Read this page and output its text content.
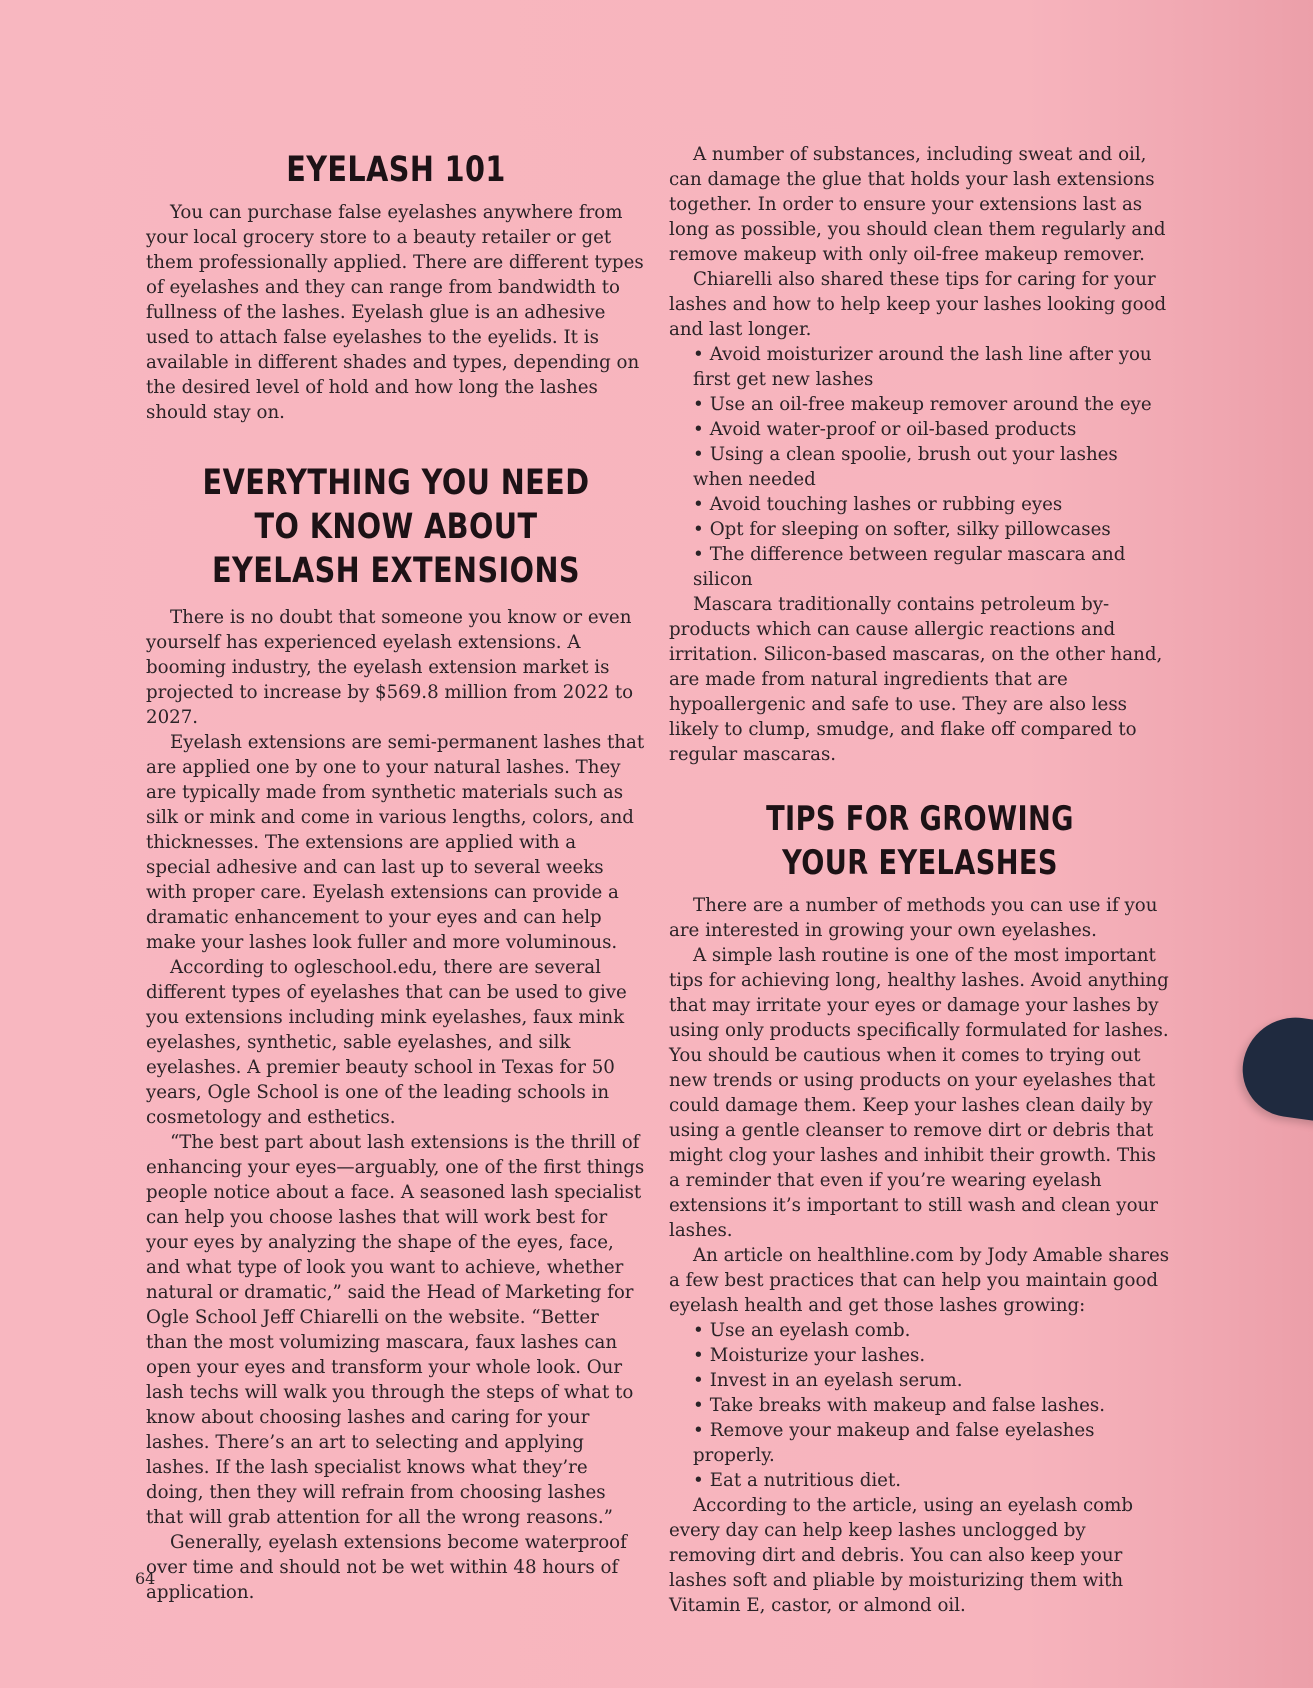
EYELASH 101

You can purchase false eyelashes anywhere from your local grocery store to a beauty retailer or get them professionally applied. There are different types of eyelashes and they can range from bandwidth to fullness of the lashes. Eyelash glue is an adhesive used to attach false eyelashes to the eyelids. It is available in different shades and types, depending on the desired level of hold and how long the lashes should stay on.

EVERYTHING YOU NEED TO KNOW ABOUT EYELASH EXTENSIONS

There is no doubt that someone you know or even yourself has experienced eyelash extensions. A booming industry, the eyelash extension market is projected to increase by $569.8 million from 2022 to 2027.

Eyelash extensions are semi-permanent lashes that are applied one by one to your natural lashes. They are typically made from synthetic materials such as silk or mink and come in various lengths, colors, and thicknesses. The extensions are applied with a special adhesive and can last up to several weeks with proper care. Eyelash extensions can provide a dramatic enhancement to your eyes and can help make your lashes look fuller and more voluminous.

According to ogleschool.edu, there are several different types of eyelashes that can be used to give you extensions including mink eyelashes, faux mink eyelashes, synthetic, sable eyelashes, and silk eyelashes. A premier beauty school in Texas for 50 years, Ogle School is one of the leading schools in cosmetology and esthetics.

“The best part about lash extensions is the thrill of enhancing your eyes—arguably, one of the first things people notice about a face. A seasoned lash specialist can help you choose lashes that will work best for your eyes by analyzing the shape of the eyes, face, and what type of look you want to achieve, whether natural or dramatic,” said the Head of Marketing for Ogle School Jeff Chiarelli on the website. “Better than the most volumizing mascara, faux lashes can open your eyes and transform your whole look. Our lash techs will walk you through the steps of what to know about choosing lashes and caring for your lashes. There’s an art to selecting and applying lashes. If the lash specialist knows what they’re doing, then they will refrain from choosing lashes that will grab attention for all the wrong reasons.”

Generally, eyelash extensions become waterproof over time and should not be wet within 48 hours of application.

A number of substances, including sweat and oil, can damage the glue that holds your lash extensions together. In order to ensure your extensions last as long as possible, you should clean them regularly and remove makeup with only oil-free makeup remover.

Chiarelli also shared these tips for caring for your lashes and how to help keep your lashes looking good and last longer.

• Avoid moisturizer around the lash line after you first get new lashes

• Use an oil-free makeup remover around the eye

• Avoid water-proof or oil-based products

• Using a clean spoolie, brush out your lashes when needed

• Avoid touching lashes or rubbing eyes

• Opt for sleeping on softer, silky pillowcases

• The difference between regular mascara and silicon

Mascara traditionally contains petroleum by-products which can cause allergic reactions and irritation. Silicon-based mascaras, on the other hand, are made from natural ingredients that are hypoallergenic and safe to use. They are also less likely to clump, smudge, and flake off compared to regular mascaras.

TIPS FOR GROWING YOUR EYELASHES

There are a number of methods you can use if you are interested in growing your own eyelashes.

A simple lash routine is one of the most important tips for achieving long, healthy lashes. Avoid anything that may irritate your eyes or damage your lashes by using only products specifically formulated for lashes. You should be cautious when it comes to trying out new trends or using products on your eyelashes that could damage them. Keep your lashes clean daily by using a gentle cleanser to remove dirt or debris that might clog your lashes and inhibit their growth. This a reminder that even if you’re wearing eyelash extensions it’s important to still wash and clean your lashes.

An article on healthline.com by Jody Amable shares a few best practices that can help you maintain good eyelash health and get those lashes growing:

• Use an eyelash comb.

• Moisturize your lashes.

• Invest in an eyelash serum.

• Take breaks with makeup and false lashes.

• Remove your makeup and false eyelashes properly.

• Eat a nutritious diet.

According to the article, using an eyelash comb every day can help keep lashes unclogged by removing dirt and debris. You can also keep your lashes soft and pliable by moisturizing them with Vitamin E, castor, or almond oil.

64
